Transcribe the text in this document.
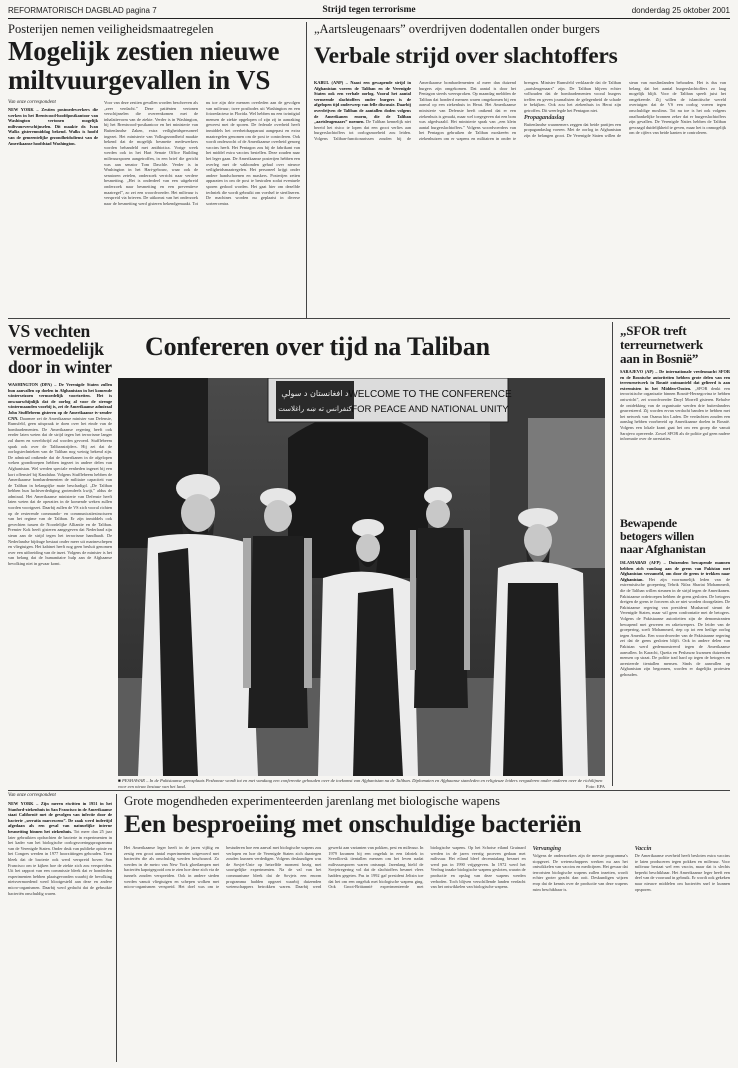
REFORMATORISCH DAGBLAD pagina 7	Strijd tegen terrorisme	donderdag 25 oktober 2001
Posterijen nemen veiligheidsmaatregelen
Mogelijk zestien nieuwe
miltvuurgevallen in VS
Van onze correspondent
NEW YORK – Zestien postmedewerkers die werken in het Brentwood-hoofdpostkantoor van Washington vertonen mogelijk miltvuurverschijnselen. Dit maakte dr. Ivan Walks gisterenmiddag bekend. Walks is hoofd van de gemeentelijke gezondheidsdienst van de Amerikaanse hoofdstad Washington.
Voor van deze zestien gevallen worden beschreven als „zeer verdacht.” Deze patiënten vertonen verschijnselen die overeenkomen met de inhalatievorm van de ziekte. Verder is in Washington, bij het Brentwood-postkantoor en het ministerie van Buitenlandse Zaken, extra veiligheidspersoneel ingezet. Het ministerie van Volksgezondheid maakte bekend dat de mogelijk besmette medewerkers worden behandeld met antibiotica. Vorige week werden ook in het Hart Senate Office Building miltvuursporen aangetroffen, in een brief die gericht was aan senator Tom Daschle. Verder is in Washington in het Hart-gebouw, waar ook de senatoren zetelen, onderzoek verricht naar verdere besmetting. „Het is onderdeel van een uitgebreid onderzoek naar besmetting en een preventieve maatregel”, zo zei een woordvoerder. Het miltvuur is verspreid via brieven. De uitkomst van het onderzoek naar de besmetting werd gisteren bekendgemaakt. Tot nu toe zijn drie mensen overleden aan de gevolgen van miltvuur; twee postbodes uit Washington en een fotoredacteur in Florida. Wel hebben nu een twintigtal mensen de ziekte opgelopen of zijn zij in aanraking geweest met de sporen. De federale overheid heeft inmiddels het overheidsapparaat aangepast en extra maatregelen genomen om de post te controleren. Ook wordt onderzocht of de Amerikaanse overheid genoeg vaccins heeft. Het Pentagon zou bij de fabrikant van het middel extra vaccins bestellen. Deze zouden naar het leger gaan. De Amerikaanse posterijen hebben een overleg met de vakbonden gehad over nieuwe veiligheidsmaatregelen. Het personeel krijgt onder andere handschoenen en maskers. Posterijen zetten apparaten in om de post te bestralen zodat eventuele sporen gedood worden. Het gaat hier om dezelfde techniek die wordt gebruikt om voedsel te steriliseren. De machines worden nu geplaatst in diverse sorteercentra.
„Aartsleugenaars” overdrijven dodentallen onder burgers
Verbale strijd over slachtoffers
KABUL (ANP) – Naast een gewapende strijd in Afghanistan voeren de Taliban en de Verenigde Staten ook een verbale oorlog. Vooral het aantal vermeende slachtoffers onder burgers is de afgelopen tijd onderwerp van felle discussie. Daarbij overdrijven de Taliban de aantallen doden volgens de Amerikanen enorm, die de Taliban „aartsleugenaars” noemen. De Taliban kennelijk niet bereid het risico te lopen dat een groot verlies aan burgerslachtoffers tot oorlogsmoeheid zou leiden. Volgens Taliban-functionarissen zouden bij de Amerikaanse bombardementen al meer dan duizend burgers zijn omgekomen. Dat aantal is door het Pentagon steeds weersproken. Op maandag meldden de Taliban dat honderd mensen waren omgekomen bij een aanval op een ziekenhuis in Herat. Het Amerikaanse ministerie van Defensie heeft ontkend dat er een ziekenhuis is geraakt, maar wel toegegeven dat een bom was afgedwaald. Het ministerie sprak van „een klein aantal burgerslachtoffers.” Volgens woordvoerders van het Pentagon gebruiken de Taliban moskeeën en ziekenhuizen om er wapens en militairen in onder te brengen. Minister Rumsfeld verklaarde dat de Taliban „aartsleugenaars” zijn. De Taliban blijven echter volhouden dat de bombardementen vooral burgers treffen en geven journalisten de gelegenheid de schade te bekijken. Ook zou het ziekenhuis in Herat zijn getroffen. Dit weerlegde het Pentagon niet.
Propagandaslag
Buitenlandse waarnemers zeggen dat beide partijen een propagandaslag voeren. Met de oorlog in Afghanistan zijn de belangen groot. De Verenigde Staten willen de steun van moslimlanden behouden. Het is dus van belang dat het aantal burgerslachtoffers zo laag mogelijk blijft. Voor de Taliban speelt juist het omgekeerde. Zij willen de islamitische wereld overtuigen dat de VS een oorlog voeren tegen onschuldige moslims. Tot nu toe is het ook volgens onafhankelijke bronnen zeker dat er burgerslachtoffers zijn gevallen. De Verenigde Naties hebben de Taliban gevraagd duidelijkheid te geven, maar het is onmogelijk om de cijfers van beide kanten te controleren.
VS vechten
vermoedelijk
door in winter
WASHINGTON (DPA) – De Verenigde Staten zullen hun aanvallen op doelen in Afghanistan in het komende winterseizoen vermoedelijk voortzetten. Het is onwaarschijnlijk dat de oorlog al voor de strenge wintermaanden voorbij is, zei de Amerikaanse admiraal John Stufflebeem gisteren op de Amerikaanse tv-zender CNN. Daarmee zei de Amerikaanse minister van Defensie, Rumsfeld, geen uitspraak te doen over het einde van de bombardementen. De Amerikaanse regering heeft ook eerder laten weten dat de strijd tegen het terrorisme langer zal duren en wereldwijd zal worden gevoerd. Stufflebeem sprak ook over de Talibanstrijders. Hij zei dat de oorlogstechnieken van de Taliban nog weinig bekend zijn. De admiraal ontkende dat de Amerikanen in de afgelopen weken grondtroepen hebben ingezet in andere delen van Afghanistan. Wel werden speciale eenheden ingezet bij een kort offensief bij Kandahar. Volgens Stufflebeem hebben de Amerikaanse bombardementen de militaire capaciteit van de Taliban in belangrijke mate beschadigd. „De Taliban hebben hun luchtverdediging grotendeels kwijt,” aldus de admiraal. Het Amerikaanse ministerie van Defensie heeft laten weten dat de operaties in de komende weken zullen worden voortgezet. Daarbij zullen de VS zich vooral richten op de resterende commando- en communicatiestructuren van het regime van de Taliban. Er zijn inmiddels ook gevechten tussen de Noordelijke Alliantie en de Taliban. Premier Kok heeft gisteren aangegeven dat Nederland zijn steun aan de strijd tegen het terrorisme handhaaft. De Nederlandse bijdrage bestaat onder meer uit marineschepen en vliegtuigen. Het kabinet heeft nog geen besluit genomen over een uitbreiding van de inzet. Volgens de minister is het van belang dat de humanitaire hulp aan de Afghaanse bevolking niet in gevaar komt.
Confereren over tijd na Taliban
د افغانستان د سولې
کنفرانس ته ښه راغلاست
WELCOME TO THE CONFERENCE
FOR PEACE AND NATIONAL UNITY
■ PESHAWAR – In de Pakistaanse grensplaats Peshawar wordt tot en met vandaag een conferentie gehouden over de toekomst van Afghanistan na de Taliban. Diplomaten en Afghaanse stamleden en religieuze leiders vergaderen onder anderen over de richtlijnen voor een nieuw bestuur van het land.	Foto: EPA
„SFOR treft
terreurnetwerk
aan in Bosnië”
SARAJEVO (AP) – De internationale vredesmacht SFOR en de Bosnische autoriteiten hebben grote delen van een terreurnetwerk in Bosnië ontmanteld dat gelieerd is aan extremisten in het Midden-Oosten. „SFOR denkt een terroristische organisatie binnen Bosnië-Herzegovina te hebben ontwricht”, zei woordvoerder Daryl Morrell gisteren. Behalve de ontdekking van de organisatie werden drie buitenlanders gearresteerd. Zij worden ervan verdacht banden te hebben met het netwerk van Osama bin Laden. De verdachten zouden een aanslag hebben voorbereid op Amerikaanse doelen in Bosnië. Volgens een lokale krant gaat het om een groep die vanuit Sarajevo opereerde. Zowel SFOR als de politie gaf geen nadere informatie over de arrestaties.
Bewapende
betogers willen
naar Afghanistan
ISLAMABAD (AFP) – Duizenden bewapende mannen hebben zich vandaag aan de grens van Pakistan met Afghanistan verzameld, om door de grens te trekken naar Afghanistan. Het zijn voornamelijk leden van de extremistische groepering Tehrik Nifaz Shariat Mohammedi, die de Taliban willen steunen in de strijd tegen de Amerikanen. Pakistaanse ordetroepen hebben de grens gesloten. De betogers dreigen de grens te forceren als ze niet worden doorgelaten. De Pakistaanse regering van president Musharraf steunt de Verenigde Staten, maar wil geen confrontatie met de betogers. Volgens de Pakistaanse autoriteiten zijn de demonstranten bewapend met geweren en raketwerpers. De leider van de groepering, soefi Mohammed, riep op tot een heilige oorlog tegen Amerika. Een woordvoerder van de Pakistaanse regering zei dat de grens gesloten blijft. Ook in andere delen van Pakistan werd gedemonstreerd tegen de Amerikaanse aanvallen. In Karachi, Quetta en Peshawar kwamen duizenden mensen op straat. De politie trad hard op tegen de betogers en arresteerde tientallen mensen. Sinds de aanvallen op Afghanistan zijn begonnen, worden er dagelijks protesten gehouden.
Van onze correspondent
NEW YORK – Zijn meren eiwitten in 1951 in het Stanford-ziekenhuis in San Francisco in de Amerikaanse staat Californië met de gevolgen van infectie door de bacterie „serratia marcescens”. De zaak werd indertijd afgedaan als een geval van natuurlijke interne besmetting binnen het ziekenhuis. Tot meer dan 25 jaar later gebruikten opdrachten de bacterie in experimenten in het kader van het biologische oorlogsvoeringsprogramma van de Verenigde Staten. Onder druk van publieke opinie en het Congres werden in 1977 hoorzittingen gehouden. Toen bleek dat de bacterie ook werd verspreid boven San Francisco om te kijken hoe de ziekte zich zou verspreiden. Uit het rapport van een commissie bleek dat er honderden experimenten hebben plaatsgevonden waarbij de bevolking nietsvermoedend werd blootgesteld aan deze en andere micro-organismen. Daarbij werd gedacht dat de gebruikte bacteriën onschuldig waren.
Grote mogendheden experimenteerden jarenlang met biologische wapens
Een besproeiing met onschuldige bacteriën
Het Amerikaanse leger heeft in de jaren vijftig en zestig een groot aantal experimenten uitgevoerd met bacteriën die als onschuldig werden beschouwd. Zo werden in de metro van New York gloeilampen met bacteriën kapotgegooid om te zien hoe deze zich via de tunnels zouden verspreiden. Ook in andere steden werden vanuit vliegtuigen en schepen wolken met micro-organismen verspreid. Het doel was om te bestuderen hoe een aanval met biologische wapens zou verlopen en hoe de Verenigde Staten zich daartegen zouden kunnen verdedigen. Volgens deskundigen was de Sovjet-Unie op hetzelfde moment bezig met soortgelijke experimenten. Na de val van het communisme bleek dat de Sovjets een enorm programma hadden opgezet waarbij duizenden wetenschappers betrokken waren. Daarbij werd gewerkt aan varianten van pokken, pest en miltvuur. In 1979 kwamen bij een ongeluk in een fabriek in Sverdlovsk tientallen mensen om het leven nadat miltvuursporen waren ontsnapt. Jarenlang hield de Sovjetregering vol dat de slachtoffers besmet vlees hadden gegeten. Pas in 1992 gaf president Jeltsin toe dat het om een ongeluk met biologische wapens ging. Ook Groot-Brittannië experimenteerde met biologische wapens. Op het Schotse eiland Gruinard werden in de jaren veertig proeven gedaan met miltvuur. Het eiland bleef decennialang besmet en werd pas in 1990 vrijgegeven. In 1972 werd het Verdrag inzake biologische wapens gesloten, waarin de productie en opslag van deze wapens werden verboden. Toch blijven verschillende landen verdacht van het ontwikkelen van biologische wapens.
Vervanging
Volgens de onderzoekers zijn de meeste programma's stopgezet. De wetenschappers werken nu aan het ontwikkelen van vaccins en medicijnen. Het gevaar dat terroristen biologische wapens zullen inzetten, wordt echter groter geacht dan ooit. Deskundigen wijzen erop dat de kennis over de productie van deze wapens ruim beschikbaar is.
Vaccin
De Amerikaanse overheid heeft besloten extra vaccins te laten produceren tegen pokken en miltvuur. Voor miltvuur bestaat wel een vaccin, maar dat is slechts beperkt beschikbaar. Het Amerikaanse leger heeft een deel van de voorraad in gebruik. Er wordt ook gekeken naar nieuwe middelen om bacteriën snel te kunnen opsporen.
